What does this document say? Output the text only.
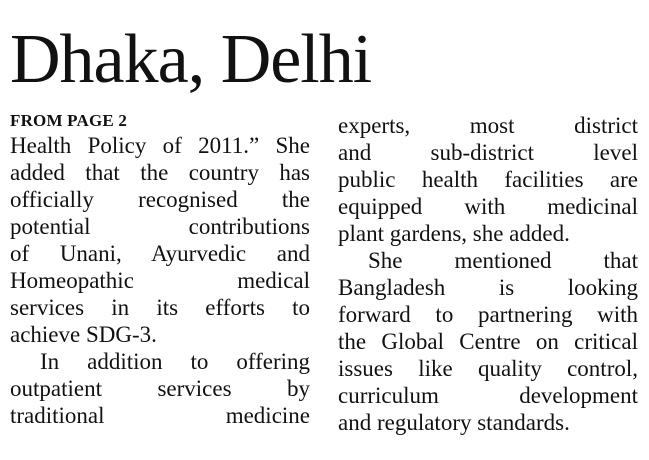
Dhaka, Delhi
FROM PAGE 2
Health Policy of 2011.” She
added that the country has
officially recognised the
potential contributions
of Unani, Ayurvedic and
Homeopathic medical
services in its efforts to
achieve SDG-3.
In addition to offering
outpatient services by
traditional medicine
experts, most district
and sub-district level
public health facilities are
equipped with medicinal
plant gardens, she added.
She mentioned that
Bangladesh is looking
forward to partnering with
the Global Centre on critical
issues like quality control,
curriculum development
and regulatory standards.
